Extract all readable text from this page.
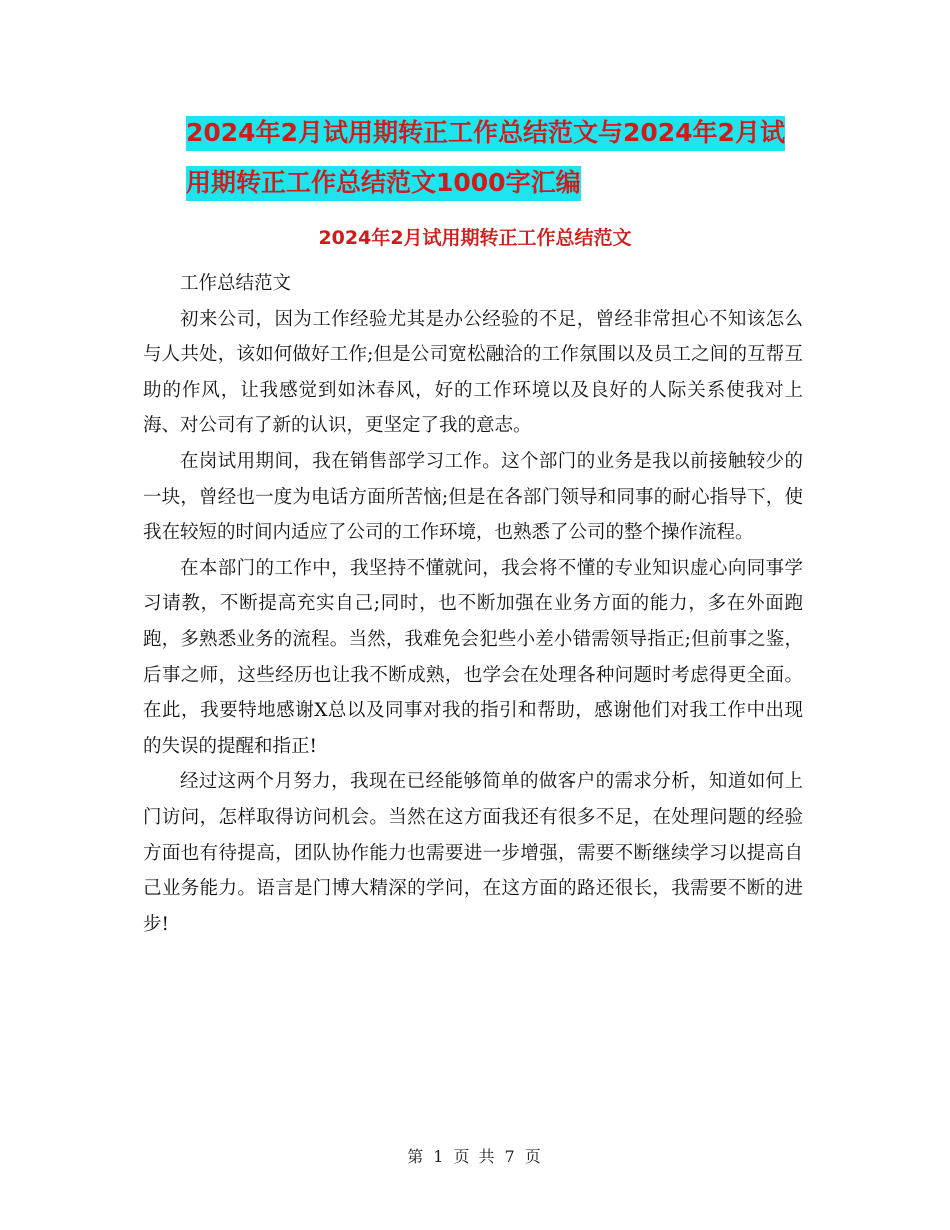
2024年2月试用期转正工作总结范文与2024年2月试
用期转正工作总结范文1000字汇编
2024年2月试用期转正工作总结范文

工作总结范文

初来公司，因为工作经验尤其是办公经验的不足，曾经非常担心不知该怎么与人共处，该如何做好工作;但是公司宽松融洽的工作氛围以及员工之间的互帮互助的作风，让我感觉到如沐春风，好的工作环境以及良好的人际关系使我对上海、对公司有了新的认识，更坚定了我的意志。

在岗试用期间，我在销售部学习工作。这个部门的业务是我以前接触较少的一块，曾经也一度为电话方面所苦恼;但是在各部门领导和同事的耐心指导下，使我在较短的时间内适应了公司的工作环境，也熟悉了公司的整个操作流程。

在本部门的工作中，我坚持不懂就问，我会将不懂的专业知识虚心向同事学习请教，不断提高充实自己;同时，也不断加强在业务方面的能力，多在外面跑跑，多熟悉业务的流程。当然，我难免会犯些小差小错需领导指正;但前事之鉴，后事之师，这些经历也让我不断成熟，也学会在处理各种问题时考虑得更全面。在此，我要特地感谢X总以及同事对我的指引和帮助，感谢他们对我工作中出现的失误的提醒和指正!

经过这两个月努力，我现在已经能够简单的做客户的需求分析，知道如何上门访问，怎样取得访问机会。当然在这方面我还有很多不足，在处理问题的经验方面也有待提高，团队协作能力也需要进一步增强，需要不断继续学习以提高自己业务能力。语言是门博大精深的学问，在这方面的路还很长，我需要不断的进步!

第 1 页 共 7 页
